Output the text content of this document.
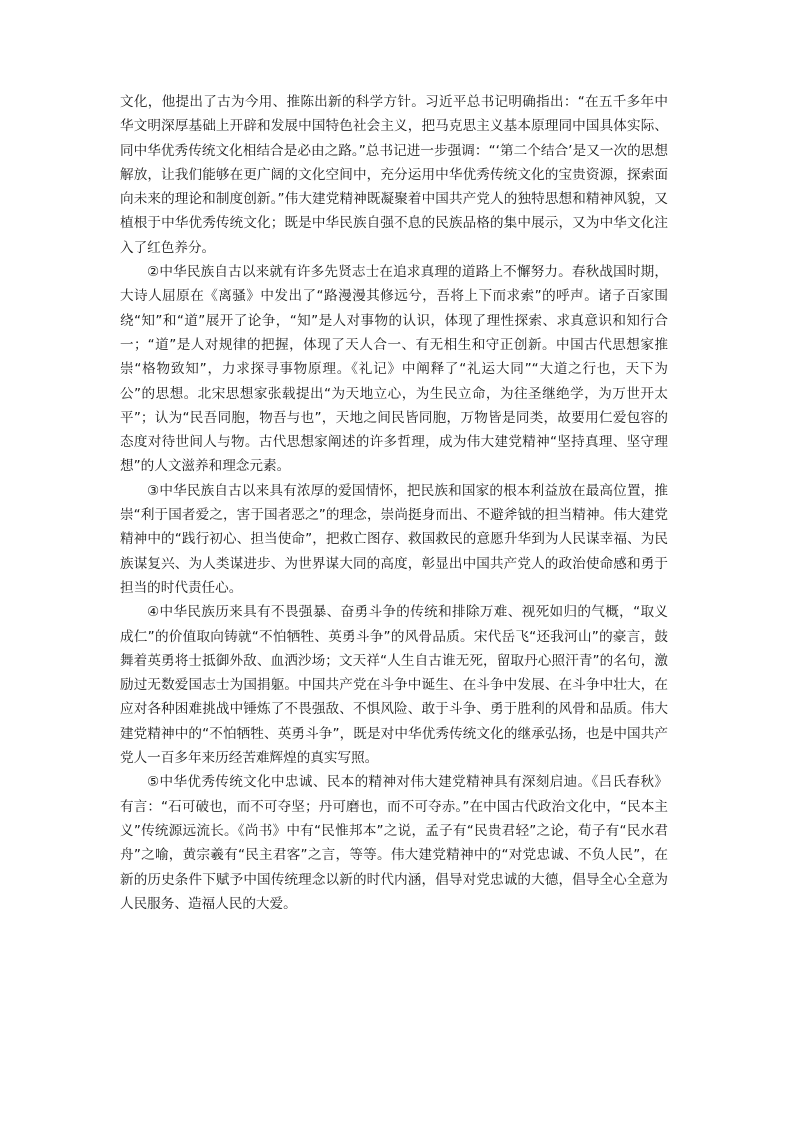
文化，他提出了古为今用、推陈出新的科学方针。习近平总书记明确指出：“在五千多年中华文明深厚基础上开辟和发展中国特色社会主义，把马克思主义基本原理同中国具体实际、同中华优秀传统文化相结合是必由之路。”总书记进一步强调：“‘第二个结合’是又一次的思想解放，让我们能够在更广阔的文化空间中，充分运用中华优秀传统文化的宝贵资源，探索面向未来的理论和制度创新。”伟大建党精神既凝聚着中国共产党人的独特思想和精神风貌，又植根于中华优秀传统文化；既是中华民族自强不息的民族品格的集中展示，又为中华文化注入了红色养分。

②中华民族自古以来就有许多先贤志士在追求真理的道路上不懈努力。春秋战国时期，大诗人屈原在《离骚》中发出了“路漫漫其修远兮，吾将上下而求索”的呼声。诸子百家围绕“知”和“道”展开了论争，“知”是人对事物的认识，体现了理性探索、求真意识和知行合一；“道”是人对规律的把握，体现了天人合一、有无相生和守正创新。中国古代思想家推崇“格物致知”，力求探寻事物原理。《礼记》中阐释了“礼运大同”“大道之行也，天下为公”的思想。北宋思想家张载提出“为天地立心，为生民立命，为往圣继绝学，为万世开太平”；认为“民吾同胞，物吾与也”，天地之间民皆同胞，万物皆是同类，故要用仁爱包容的态度对待世间人与物。古代思想家阐述的许多哲理，成为伟大建党精神“坚持真理、坚守理想”的人文滋养和理念元素。

③中华民族自古以来具有浓厚的爱国情怀，把民族和国家的根本利益放在最高位置，推崇“利于国者爱之，害于国者恶之”的理念，崇尚挺身而出、不避斧钺的担当精神。伟大建党精神中的“践行初心、担当使命”，把救亡图存、救国救民的意愿升华到为人民谋幸福、为民族谋复兴、为人类谋进步、为世界谋大同的高度，彰显出中国共产党人的政治使命感和勇于担当的时代责任心。

④中华民族历来具有不畏强暴、奋勇斗争的传统和排除万难、视死如归的气概，“取义成仁”的价值取向铸就“不怕牺牲、英勇斗争”的风骨品质。宋代岳飞“还我河山”的豪言，鼓舞着英勇将士抵御外敌、血洒沙场；文天祥“人生自古谁无死，留取丹心照汗青”的名句，激励过无数爱国志士为国捐躯。中国共产党在斗争中诞生、在斗争中发展、在斗争中壮大，在应对各种困难挑战中锤炼了不畏强敌、不惧风险、敢于斗争、勇于胜利的风骨和品质。伟大建党精神中的“不怕牺牲、英勇斗争”，既是对中华优秀传统文化的继承弘扬，也是中国共产党人一百多年来历经苦难辉煌的真实写照。

⑤中华优秀传统文化中忠诚、民本的精神对伟大建党精神具有深刻启迪。《吕氏春秋》有言：“石可破也，而不可夺坚；丹可磨也，而不可夺赤。”在中国古代政治文化中，“民本主义”传统源远流长。《尚书》中有“民惟邦本”之说，孟子有“民贵君轻”之论，荀子有“民水君舟”之喻，黄宗羲有“民主君客”之言，等等。伟大建党精神中的“对党忠诚、不负人民”，在新的历史条件下赋予中国传统理念以新的时代内涵，倡导对党忠诚的大德，倡导全心全意为人民服务、造福人民的大爱。
